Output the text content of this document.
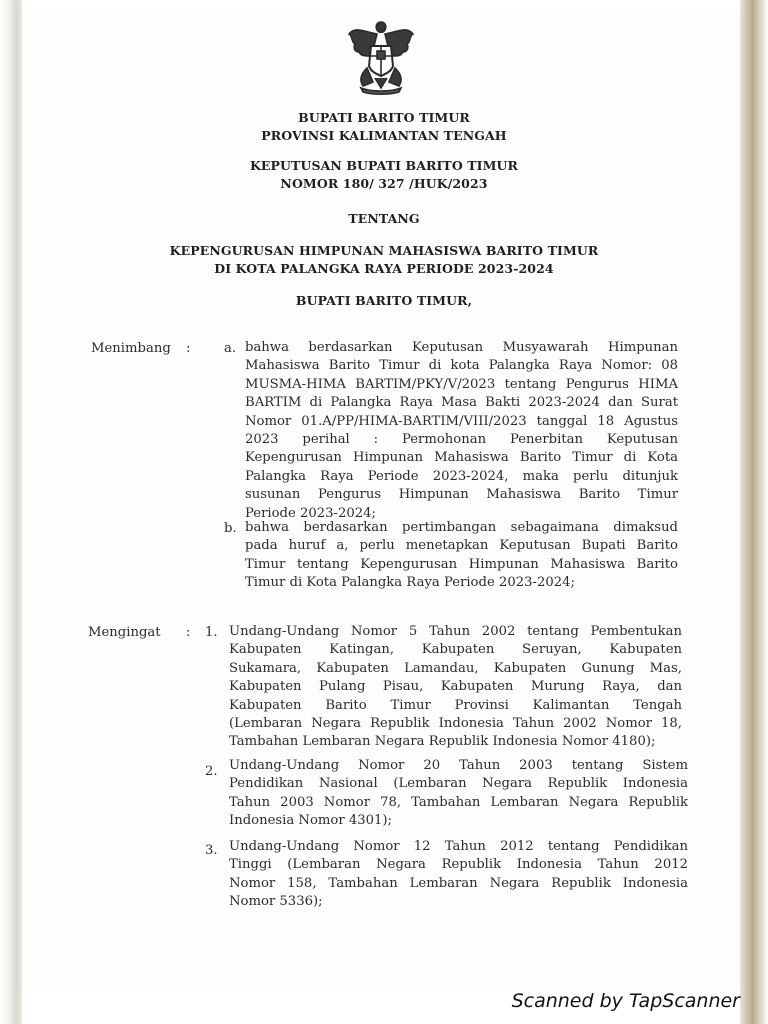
BUPATI BARITO TIMUR
PROVINSI KALIMANTAN TENGAH
KEPUTUSAN BUPATI BARITO TIMUR
NOMOR 180/ 327 /HUK/2023
TENTANG
KEPENGURUSAN HIMPUNAN MAHASISWA BARITO TIMUR
DI KOTA PALANGKA RAYA PERIODE 2023-2024
BUPATI BARITO TIMUR,
Menimbang :	a. bahwa berdasarkan Keputusan Musyawarah Himpunan
Mahasiswa Barito Timur di kota Palangka Raya Nomor: 08
MUSMA-HIMA BARTIM/PKY/V/2023 tentang Pengurus HIMA
BARTIM di Palangka Raya Masa Bakti 2023-2024 dan Surat
Nomor 01.A/PP/HIMA-BARTIM/VIII/2023 tanggal 18 Agustus
2023 perihal : Permohonan Penerbitan Keputusan
Kepengurusan Himpunan Mahasiswa Barito Timur di Kota
Palangka Raya Periode 2023-2024, maka perlu ditunjuk
susunan Pengurus Himpunan Mahasiswa Barito Timur
Periode 2023-2024;
b. bahwa berdasarkan pertimbangan sebagaimana dimaksud
pada huruf a, perlu menetapkan Keputusan Bupati Barito
Timur tentang Kepengurusan Himpunan Mahasiswa Barito
Timur di Kota Palangka Raya Periode 2023-2024;
Mengingat : 1. Undang-Undang Nomor 5 Tahun 2002 tentang Pembentukan
Kabupaten Katingan, Kabupaten Seruyan, Kabupaten
Sukamara, Kabupaten Lamandau, Kabupaten Gunung Mas,
Kabupaten Pulang Pisau, Kabupaten Murung Raya, dan
Kabupaten Barito Timur Provinsi Kalimantan Tengah
(Lembaran Negara Republik Indonesia Tahun 2002 Nomor 18,
Tambahan Lembaran Negara Republik Indonesia Nomor 4180);
2. Undang-Undang Nomor 20 Tahun 2003 tentang Sistem
Pendidikan Nasional (Lembaran Negara Republik Indonesia
Tahun 2003 Nomor 78, Tambahan Lembaran Negara Republik
Indonesia Nomor 4301);
3. Undang-Undang Nomor 12 Tahun 2012 tentang Pendidikan
Tinggi (Lembaran Negara Republik Indonesia Tahun 2012
Nomor 158, Tambahan Lembaran Negara Republik Indonesia
Nomor 5336);
Scanned by TapScanner
